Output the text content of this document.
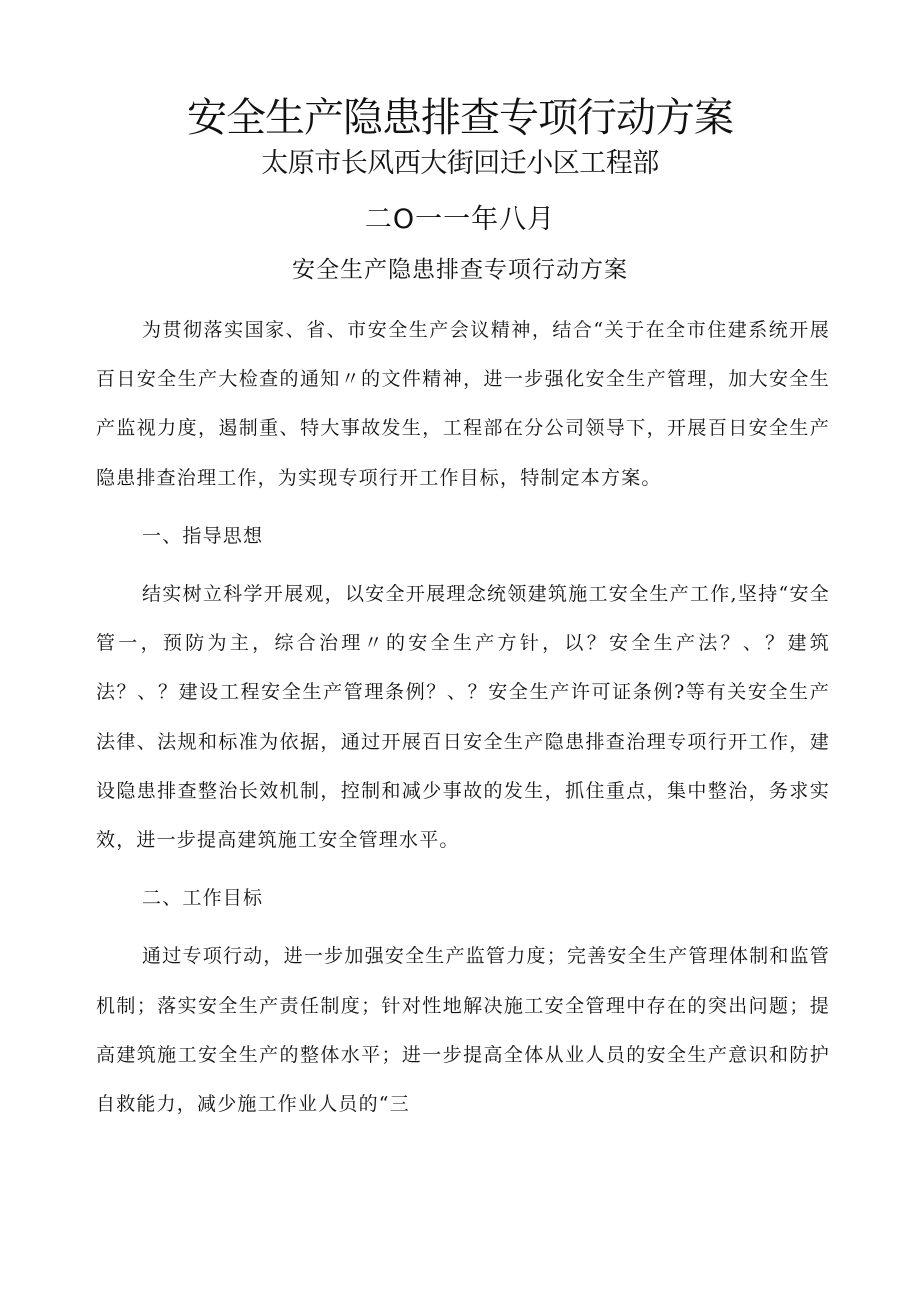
安全生产隐患排查专项行动方案
太原市长风西大街回迁小区工程部
二O一一年八月
安全生产隐患排查专项行动方案

为贯彻落实国家、省、市安全生产会议精神，结合“关于在全市住建系统开展百日安全生产大检查的通知〃的文件精神，进一步强化安全生产管理，加大安全生产监视力度，遏制重、特大事故发生，工程部在分公司领导下，开展百日安全生产隐患排查治理工作，为实现专项行开工作目标，特制定本方案。

一、指导思想

结实树立科学开展观，以安全开展理念统领建筑施工安全生产工作,坚持“安全管一，预防为主，综合治理〃的安全生产方针，以？安全生产法？、？建筑法？、？建设工程安全生产管理条例？、？安全生产许可证条例?等有关安全生产法律、法规和标准为依据，通过开展百日安全生产隐患排查治理专项行开工作，建设隐患排查整治长效机制，控制和减少事故的发生，抓住重点，集中整治，务求实效，进一步提高建筑施工安全管理水平。

二、工作目标

通过专项行动，进一步加强安全生产监管力度；完善安全生产管理体制和监管机制；落实安全生产责任制度；针对性地解决施工安全管理中存在的突出问题；提高建筑施工安全生产的整体水平；进一步提高全体从业人员的安全生产意识和防护自救能力，减少施工作业人员的“三
